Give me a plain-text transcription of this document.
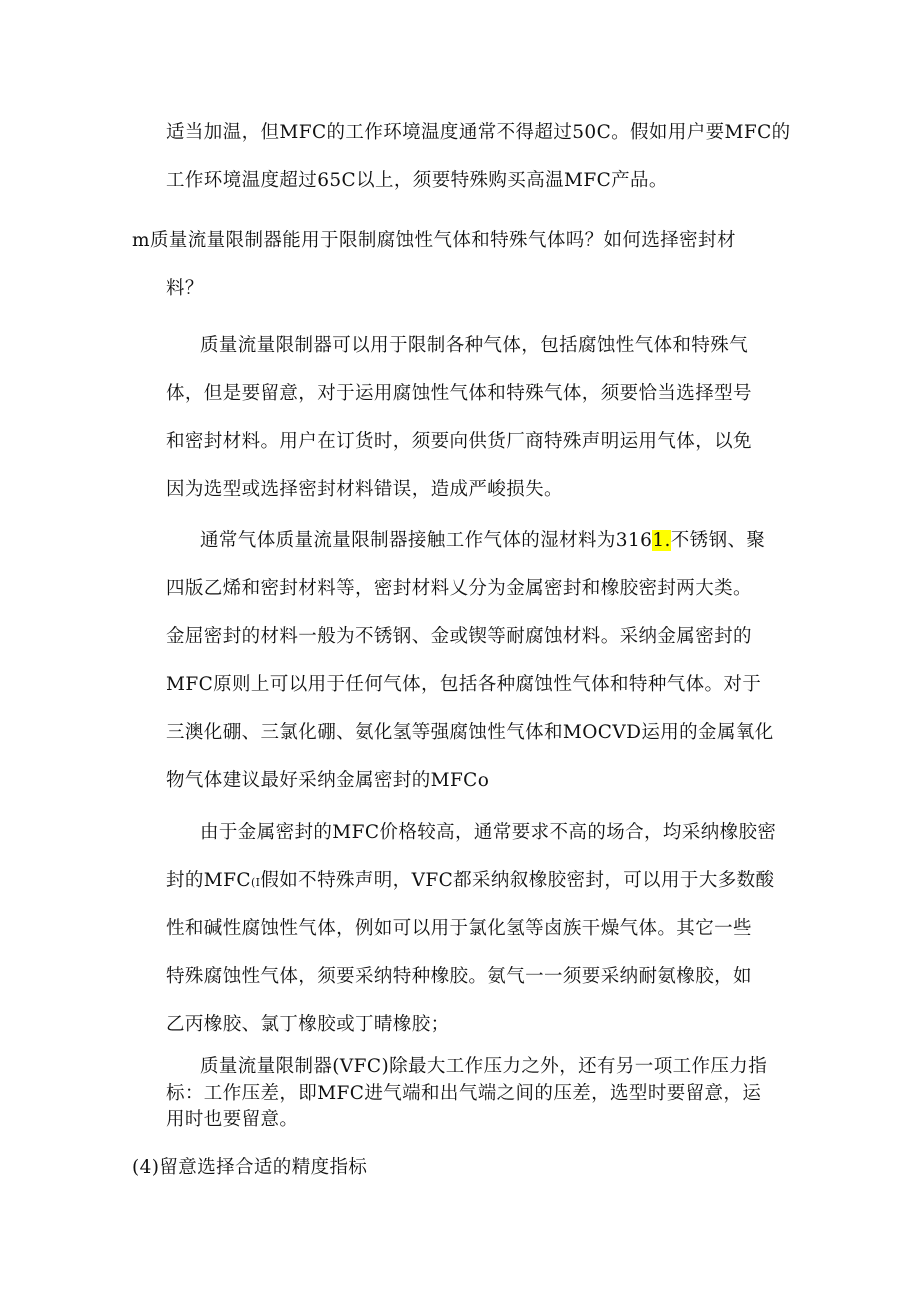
适当加温，但MFC的工作环境温度通常不得超过50C。假如用户要MFC的
工作环境温度超过65C以上，须要特殊购买高温MFC产品。
m质量流量限制器能用于限制腐蚀性气体和特殊气体吗？如何选择密封材
料？
质量流量限制器可以用于限制各种气体，包括腐蚀性气体和特殊气
体，但是要留意，对于运用腐蚀性气体和特殊气体，须要恰当选择型号
和密封材料。用户在订货时，须要向供货厂商特殊声明运用气体，以免
因为选型或选择密封材料错误，造成严峻损失。
通常气体质量流量限制器接触工作气体的湿材料为3161.不锈钢、聚
四版乙烯和密封材料等，密封材料乂分为金属密封和橡胶密封两大类。
金屈密封的材料一般为不锈钢、金或锲等耐腐蚀材料。采纳金属密封的
MFC原则上可以用于任何气体，包括各种腐蚀性气体和特种气体。对于
三澳化硼、三氯化硼、氨化氢等强腐蚀性气体和MOCVD运用的金属氧化
物气体建议最好采纳金属密封的MFCo
由于金属密封的MFC价格较高，通常要求不高的场合，均采纳橡胶密
封的MFC(I假如不特殊声明，VFC都采纳叙橡胶密封，可以用于大多数酸
性和碱性腐蚀性气体，例如可以用于氯化氢等卤族干燥气体。其它一些
特殊腐蚀性气体，须要采纳特种橡胶。氨气一一须要采纳耐氨橡胶，如
乙丙橡胶、氯丁橡胶或丁晴橡胶；
质量流量限制器(VFC)除最大工作压力之外，还有另一项工作压力指
标：工作压差，即MFC进气端和出气端之间的压差，选型时要留意，运
用时也要留意。
(4)留意选择合适的精度指标
